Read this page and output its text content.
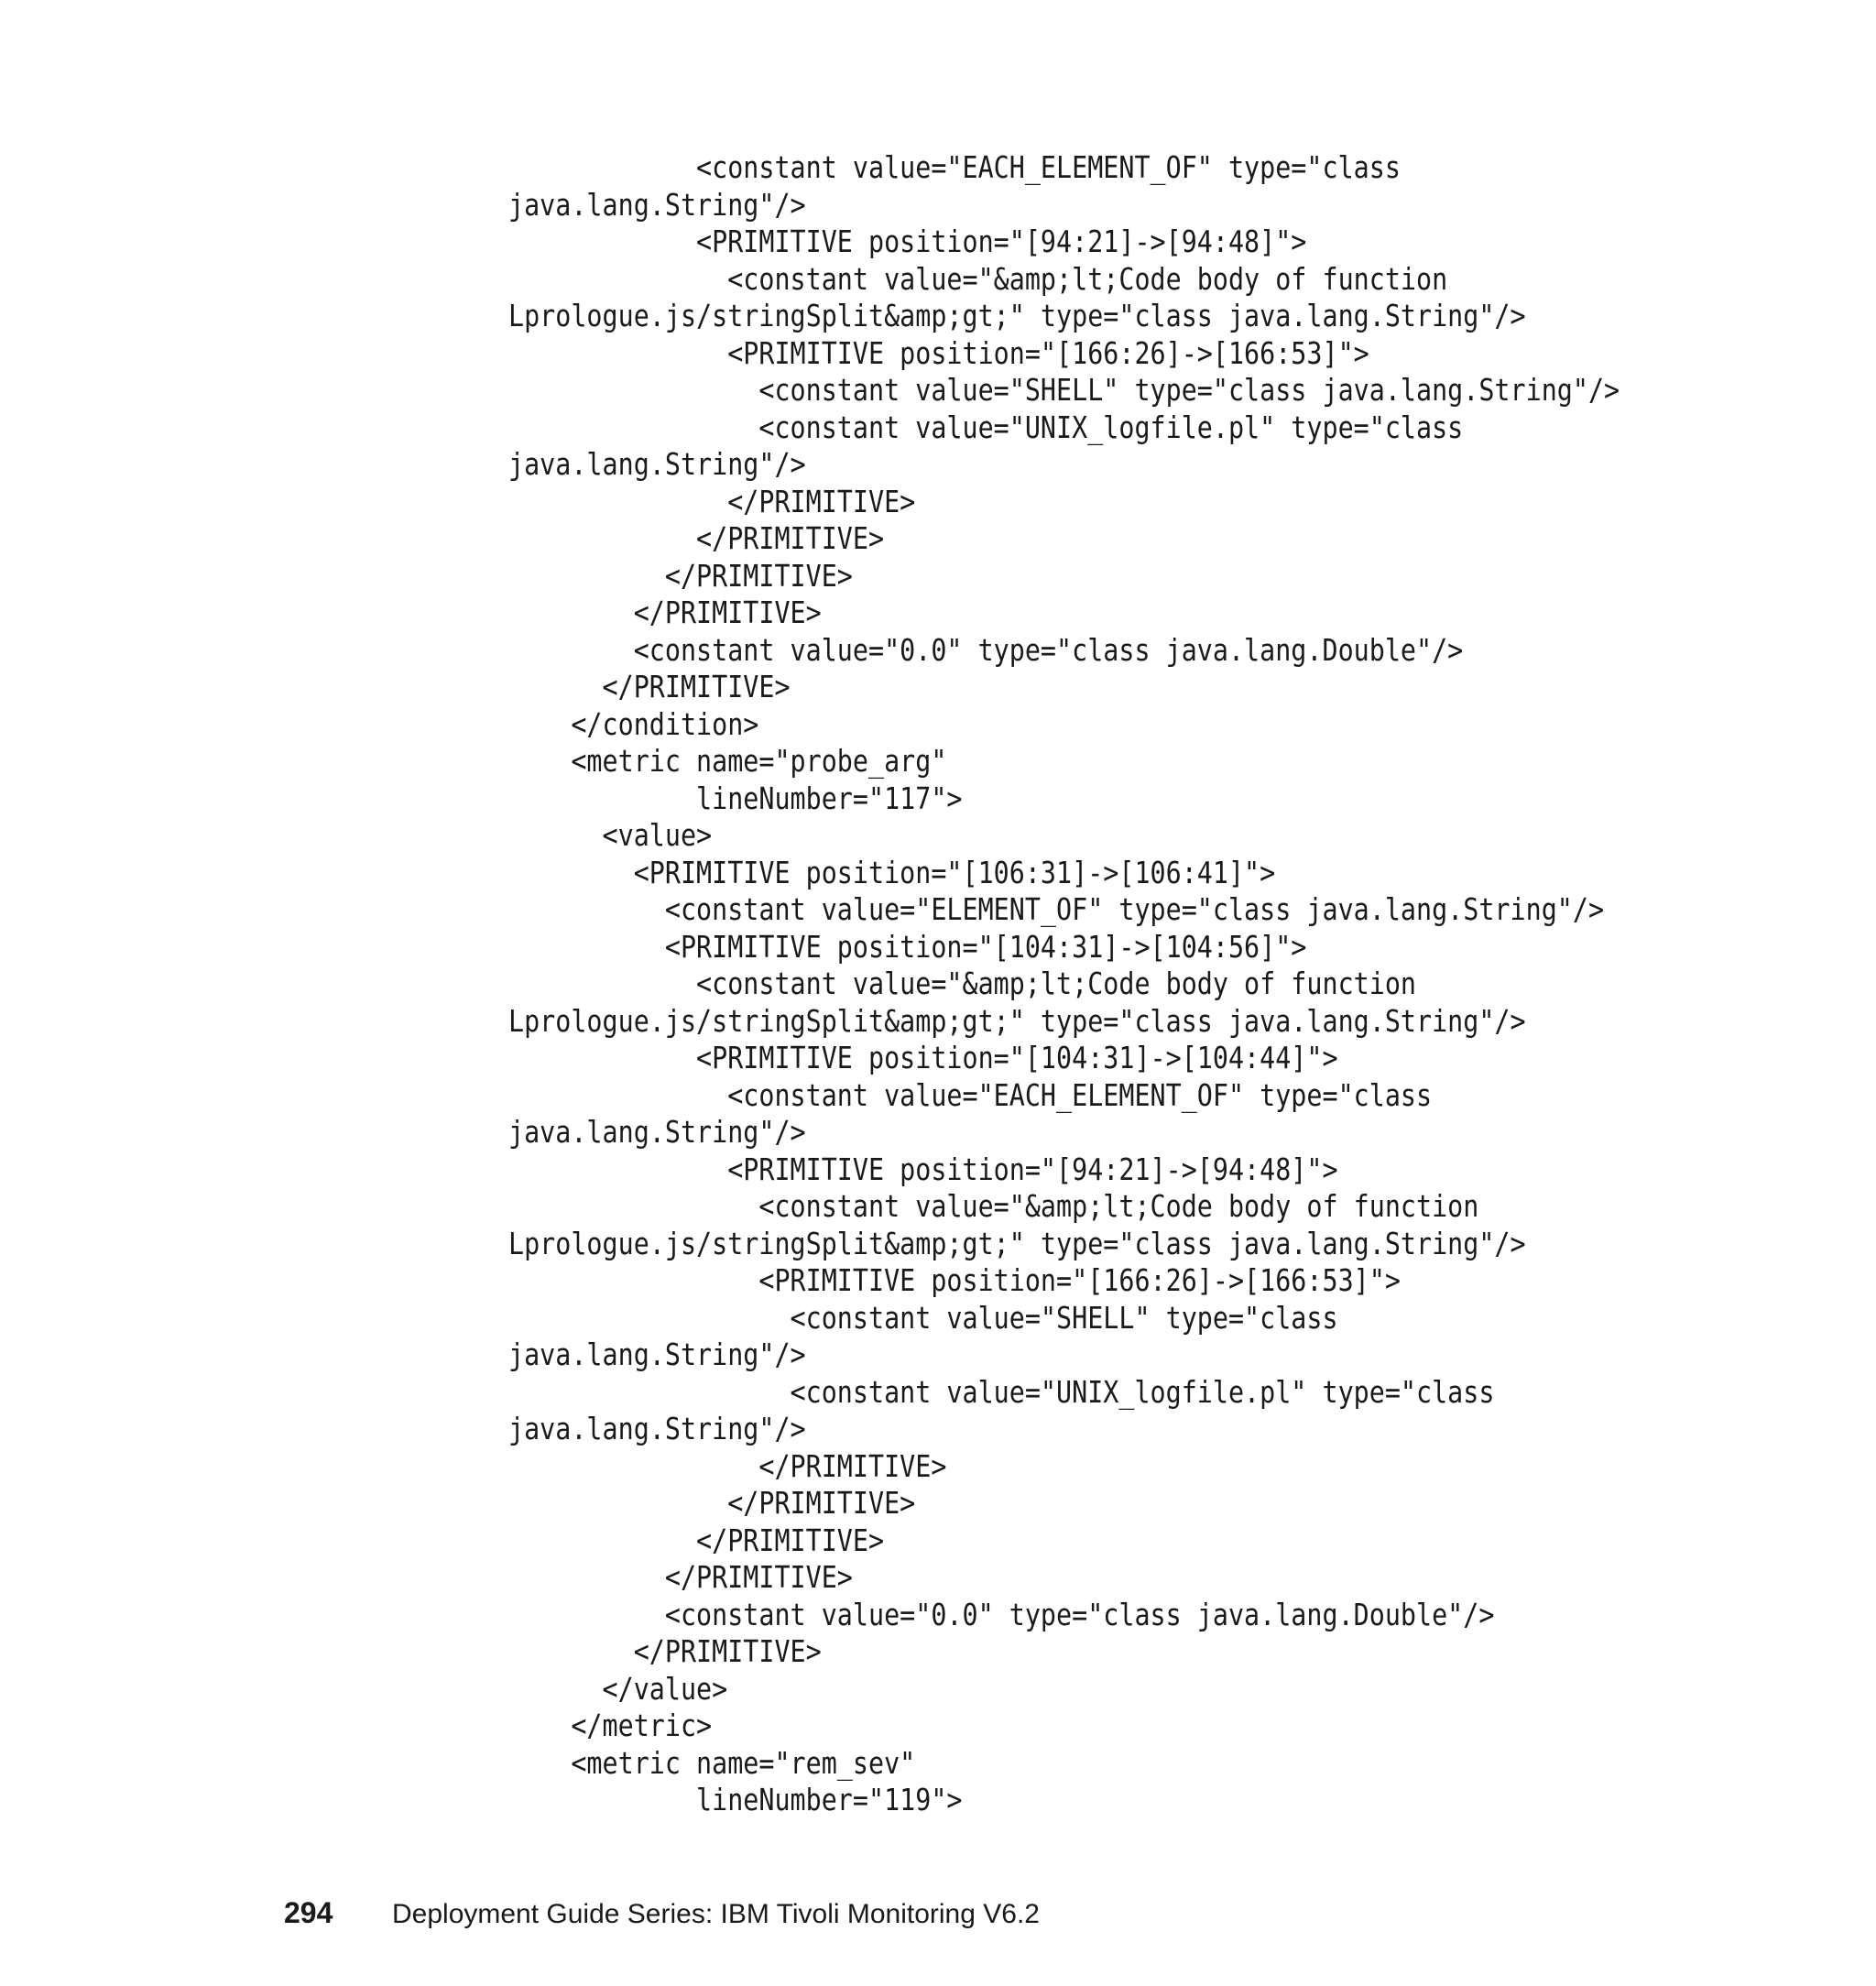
<constant value="EACH_ELEMENT_OF" type="class
java.lang.String"/>
<PRIMITIVE position="[94:21]->[94:48]">
<constant value="&amp;lt;Code body of function
Lprologue.js/stringSplit&amp;gt;" type="class java.lang.String"/>
<PRIMITIVE position="[166:26]->[166:53]">
<constant value="SHELL" type="class java.lang.String"/>
<constant value="UNIX_logfile.pl" type="class
java.lang.String"/>
</PRIMITIVE>
</PRIMITIVE>
</PRIMITIVE>
</PRIMITIVE>
<constant value="0.0" type="class java.lang.Double"/>
</PRIMITIVE>
</condition>
<metric name="probe_arg"
lineNumber="117">
<value>
<PRIMITIVE position="[106:31]->[106:41]">
<constant value="ELEMENT_OF" type="class java.lang.String"/>
<PRIMITIVE position="[104:31]->[104:56]">
<constant value="&amp;lt;Code body of function
Lprologue.js/stringSplit&amp;gt;" type="class java.lang.String"/>
<PRIMITIVE position="[104:31]->[104:44]">
<constant value="EACH_ELEMENT_OF" type="class
java.lang.String"/>
<PRIMITIVE position="[94:21]->[94:48]">
<constant value="&amp;lt;Code body of function
Lprologue.js/stringSplit&amp;gt;" type="class java.lang.String"/>
<PRIMITIVE position="[166:26]->[166:53]">
<constant value="SHELL" type="class
java.lang.String"/>
<constant value="UNIX_logfile.pl" type="class
java.lang.String"/>
</PRIMITIVE>
</PRIMITIVE>
</PRIMITIVE>
</PRIMITIVE>
<constant value="0.0" type="class java.lang.Double"/>
</PRIMITIVE>
</value>
</metric>
<metric name="rem_sev"
lineNumber="119">
294 Deployment Guide Series: IBM Tivoli Monitoring V6.2
